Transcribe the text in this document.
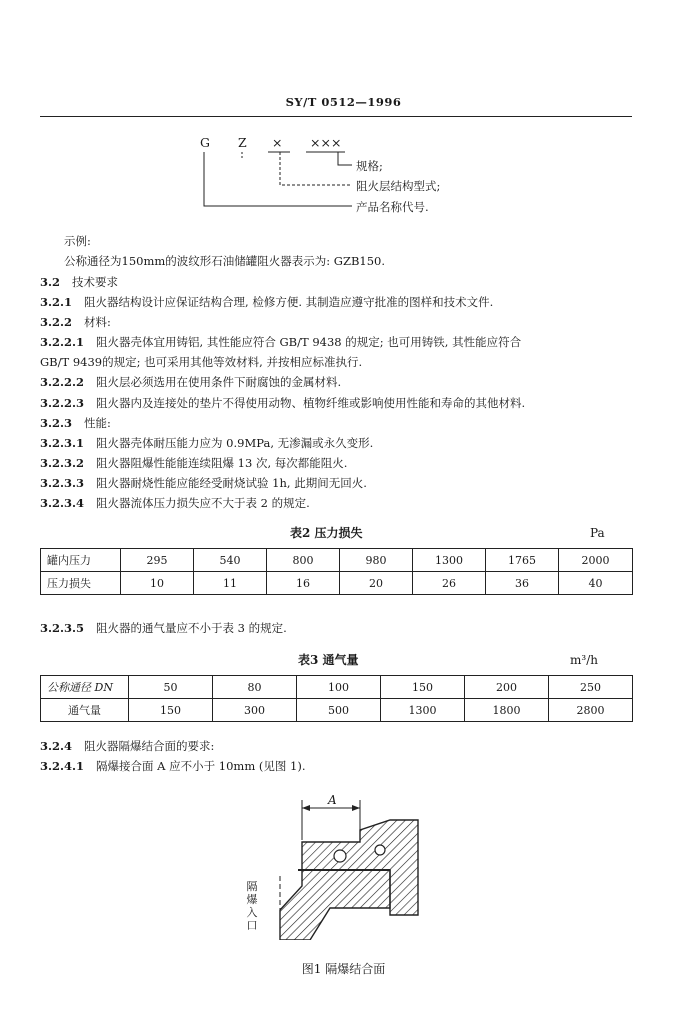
SY/T 0512—1996
G Z × ×××
规格;
阻火层结构型式;
产品名称代号.
示例:
公称通径为150mm的波纹形石油储罐阻火器表示为: GZB150.
3.2 技术要求
3.2.1 阻火器结构设计应保证结构合理, 检修方便. 其制造应遵守批准的图样和技术文件.
3.2.2 材料:
3.2.2.1 阻火器壳体宜用铸铝, 其性能应符合 GB/T 9438 的规定; 也可用铸铁, 其性能应符合
GB/T 9439的规定; 也可采用其他等效材料, 并按相应标准执行.
3.2.2.2 阻火层必须选用在使用条件下耐腐蚀的金属材料.
3.2.2.3 阻火器内及连接处的垫片不得使用动物、植物纤维或影响使用性能和寿命的其他材料.
3.2.3 性能:
3.2.3.1 阻火器壳体耐压能力应为 0.9MPa, 无渗漏或永久变形.
3.2.3.2 阻火器阻爆性能能连续阻爆 13 次, 每次都能阻火.
3.2.3.3 阻火器耐烧性能应能经受耐烧试验 1h, 此期间无回火.
3.2.3.4 阻火器流体压力损失应不大于表 2 的规定.
表2 压力损失	Pa
罐内压力	295	540	800	980	1300	1765	2000
压力损失	10	11	16	20	26	36	40
3.2.3.5 阻火器的通气量应不小于表 3 的规定.
表3 通气量	m³/h
公称通径 DN	50	80	100	150	200	250
通气量	150	300	500	1300	1800	2800
3.2.4 阻火器隔爆结合面的要求:
3.2.4.1 隔爆接合面 A 应不小于 10mm (见图 1).
A
隔
爆
入
口
图1 隔爆结合面
